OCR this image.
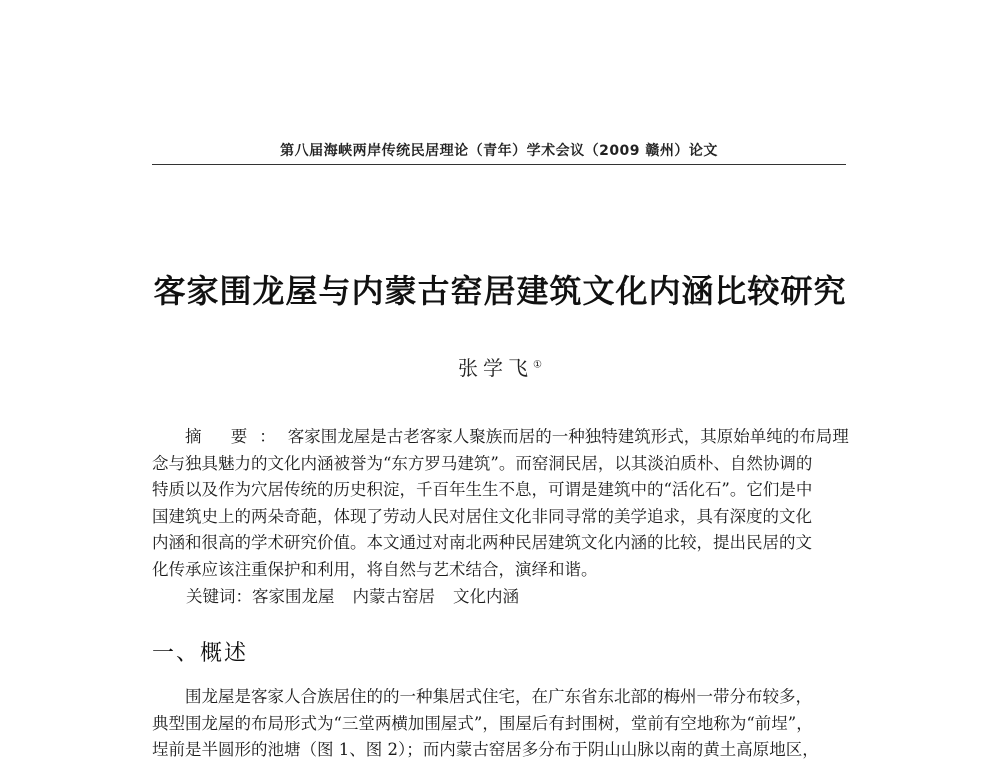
第八届海峡两岸传统民居理论（青年）学术会议（2009 赣州）论文
客家围龙屋与内蒙古窑居建筑文化内涵比较研究
张学飞①
摘 要：客家围龙屋是古老客家人聚族而居的一种独特建筑形式，其原始单纯的布局理
念与独具魅力的文化内涵被誉为“东方罗马建筑”。而窑洞民居，以其淡泊质朴、自然协调的
特质以及作为穴居传统的历史积淀，千百年生生不息，可谓是建筑中的“活化石”。它们是中
国建筑史上的两朵奇葩，体现了劳动人民对居住文化非同寻常的美学追求，具有深度的文化
内涵和很高的学术研究价值。本文通过对南北两种民居建筑文化内涵的比较，提出民居的文
化传承应该注重保护和利用，将自然与艺术结合，演绎和谐。
关键词：客家围龙屋 内蒙古窑居 文化内涵
一、概述
围龙屋是客家人合族居住的的一种集居式住宅，在广东省东北部的梅州一带分布较多，
典型围龙屋的布局形式为“三堂两横加围屋式”，围屋后有封围树，堂前有空地称为“前埕”，
埕前是半圆形的池塘（图 1、图 2）；而内蒙古窑居多分布于阴山山脉以南的黄土高原地区，
